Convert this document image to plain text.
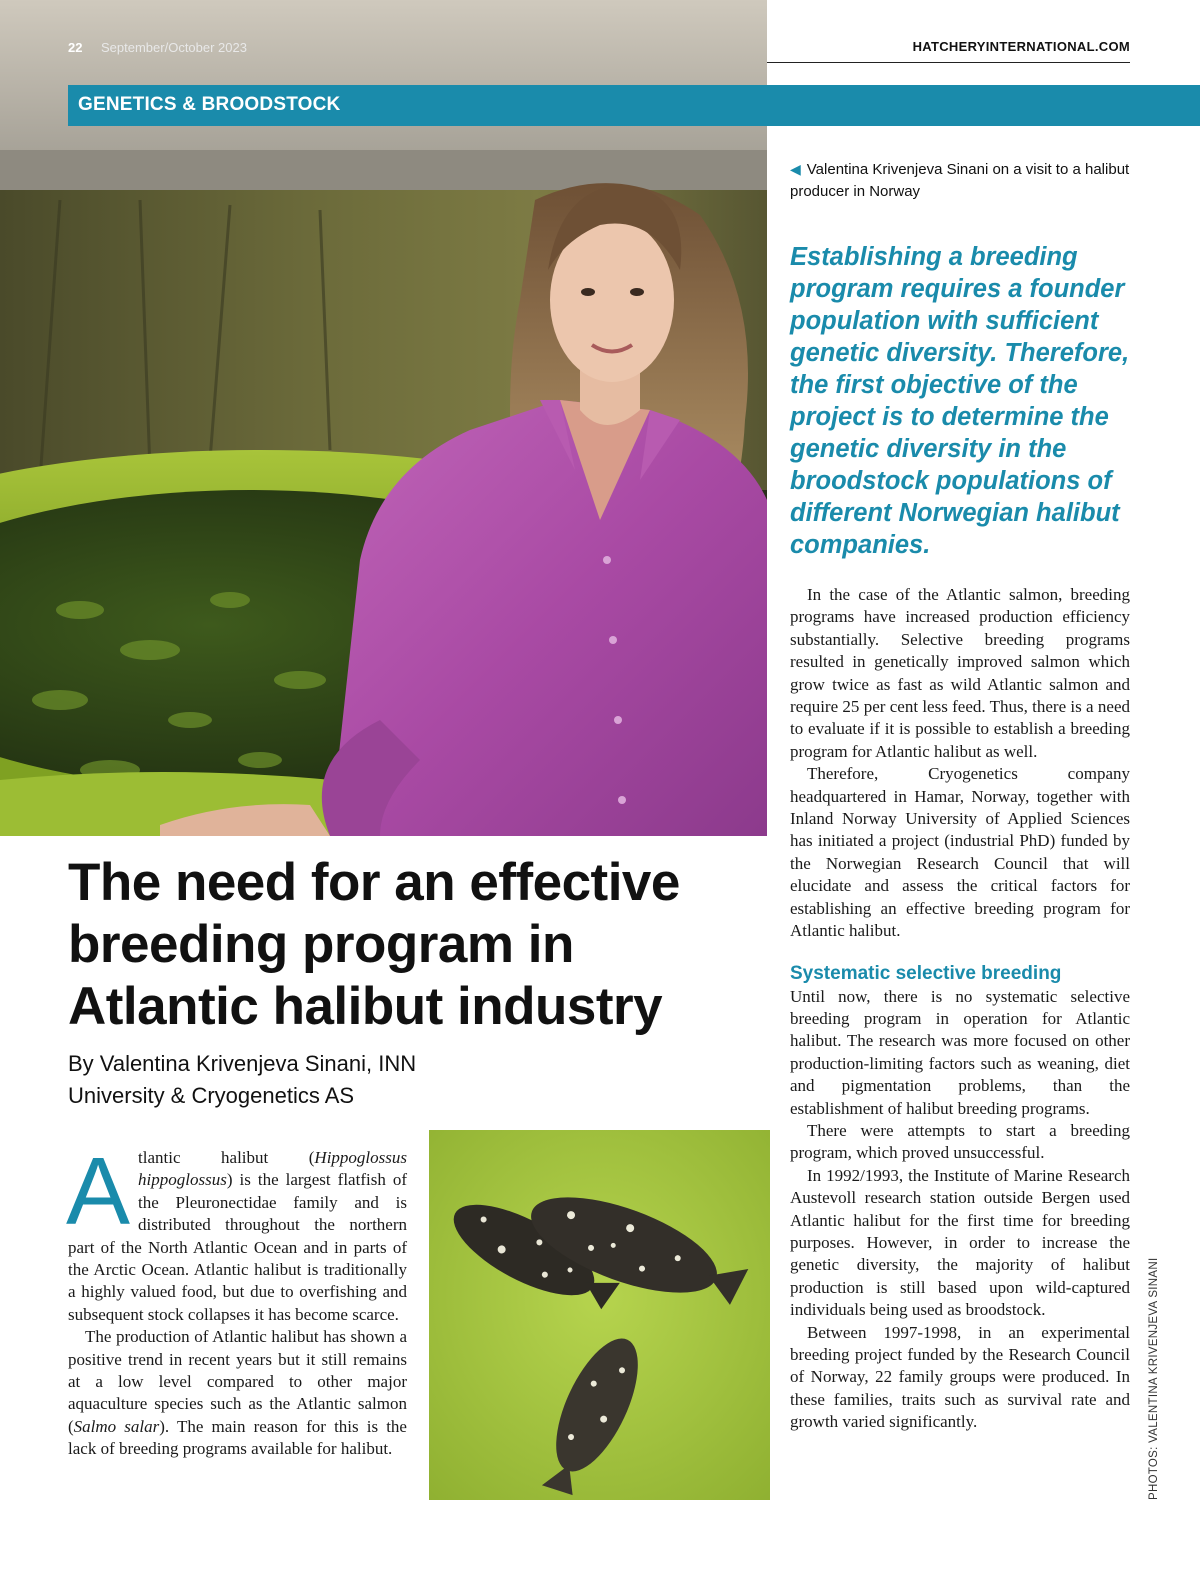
22 September/October 2023	HATCHERYINTERNATIONAL.COM
GENETICS & BROODSTOCK
◀ Valentina Krivenjeva Sinani on a visit to a halibut producer in Norway
Establishing a breeding program requires a founder population with sufficient genetic diversity. Therefore, the first objective of the project is to determine the genetic diversity in the broodstock populations of different Norwegian halibut companies.

In the case of the Atlantic salmon, breeding programs have increased production efficiency substantially. Selective breeding programs resulted in genetically improved salmon which grow twice as fast as wild Atlantic salmon and require 25 per cent less feed. Thus, there is a need to evaluate if it is possible to establish a breeding program for Atlantic halibut as well.

Therefore, Cryogenetics company headquartered in Hamar, Norway, together with Inland Norway University of Applied Sciences has initiated a project (industrial PhD) funded by the Norwegian Research Council that will elucidate and assess the critical factors for establishing an effective breeding program for Atlantic halibut.

Systematic selective breeding

Until now, there is no systematic selective breeding program in operation for Atlantic halibut. The research was more focused on other production-limiting factors such as weaning, diet and pigmentation problems, than the establishment of halibut breeding programs.

There were attempts to start a breeding program, which proved unsuccessful.

In 1992/1993, the Institute of Marine Research Austevoll research station outside Bergen used Atlantic halibut for the first time for breeding purposes. However, in order to increase the genetic diversity, the majority of halibut production is still based upon wild-captured individuals being used as broodstock.

Between 1997-1998, in an experimental breeding project funded by the Research Council of Norway, 22 family groups were produced. In these families, traits such as survival rate and growth varied significantly.

The need for an effective breeding program in Atlantic halibut industry
By Valentina Krivenjeva Sinani, INN
University & Cryogenetics AS

Atlantic halibut (Hippoglossus hippoglossus) is the largest flatfish of the Pleuronectidae family and is distributed throughout the northern part of the North Atlantic Ocean and in parts of the Arctic Ocean. Atlantic halibut is traditionally a highly valued food, but due to overfishing and subsequent stock collapses it has become scarce.

The production of Atlantic halibut has shown a positive trend in recent years but it still remains at a low level compared to other major aquaculture species such as the Atlantic salmon (Salmo salar). The main reason for this is the lack of breeding programs available for halibut.	PHOTOS: VALENTINA KRIVENJEVA SINANI
